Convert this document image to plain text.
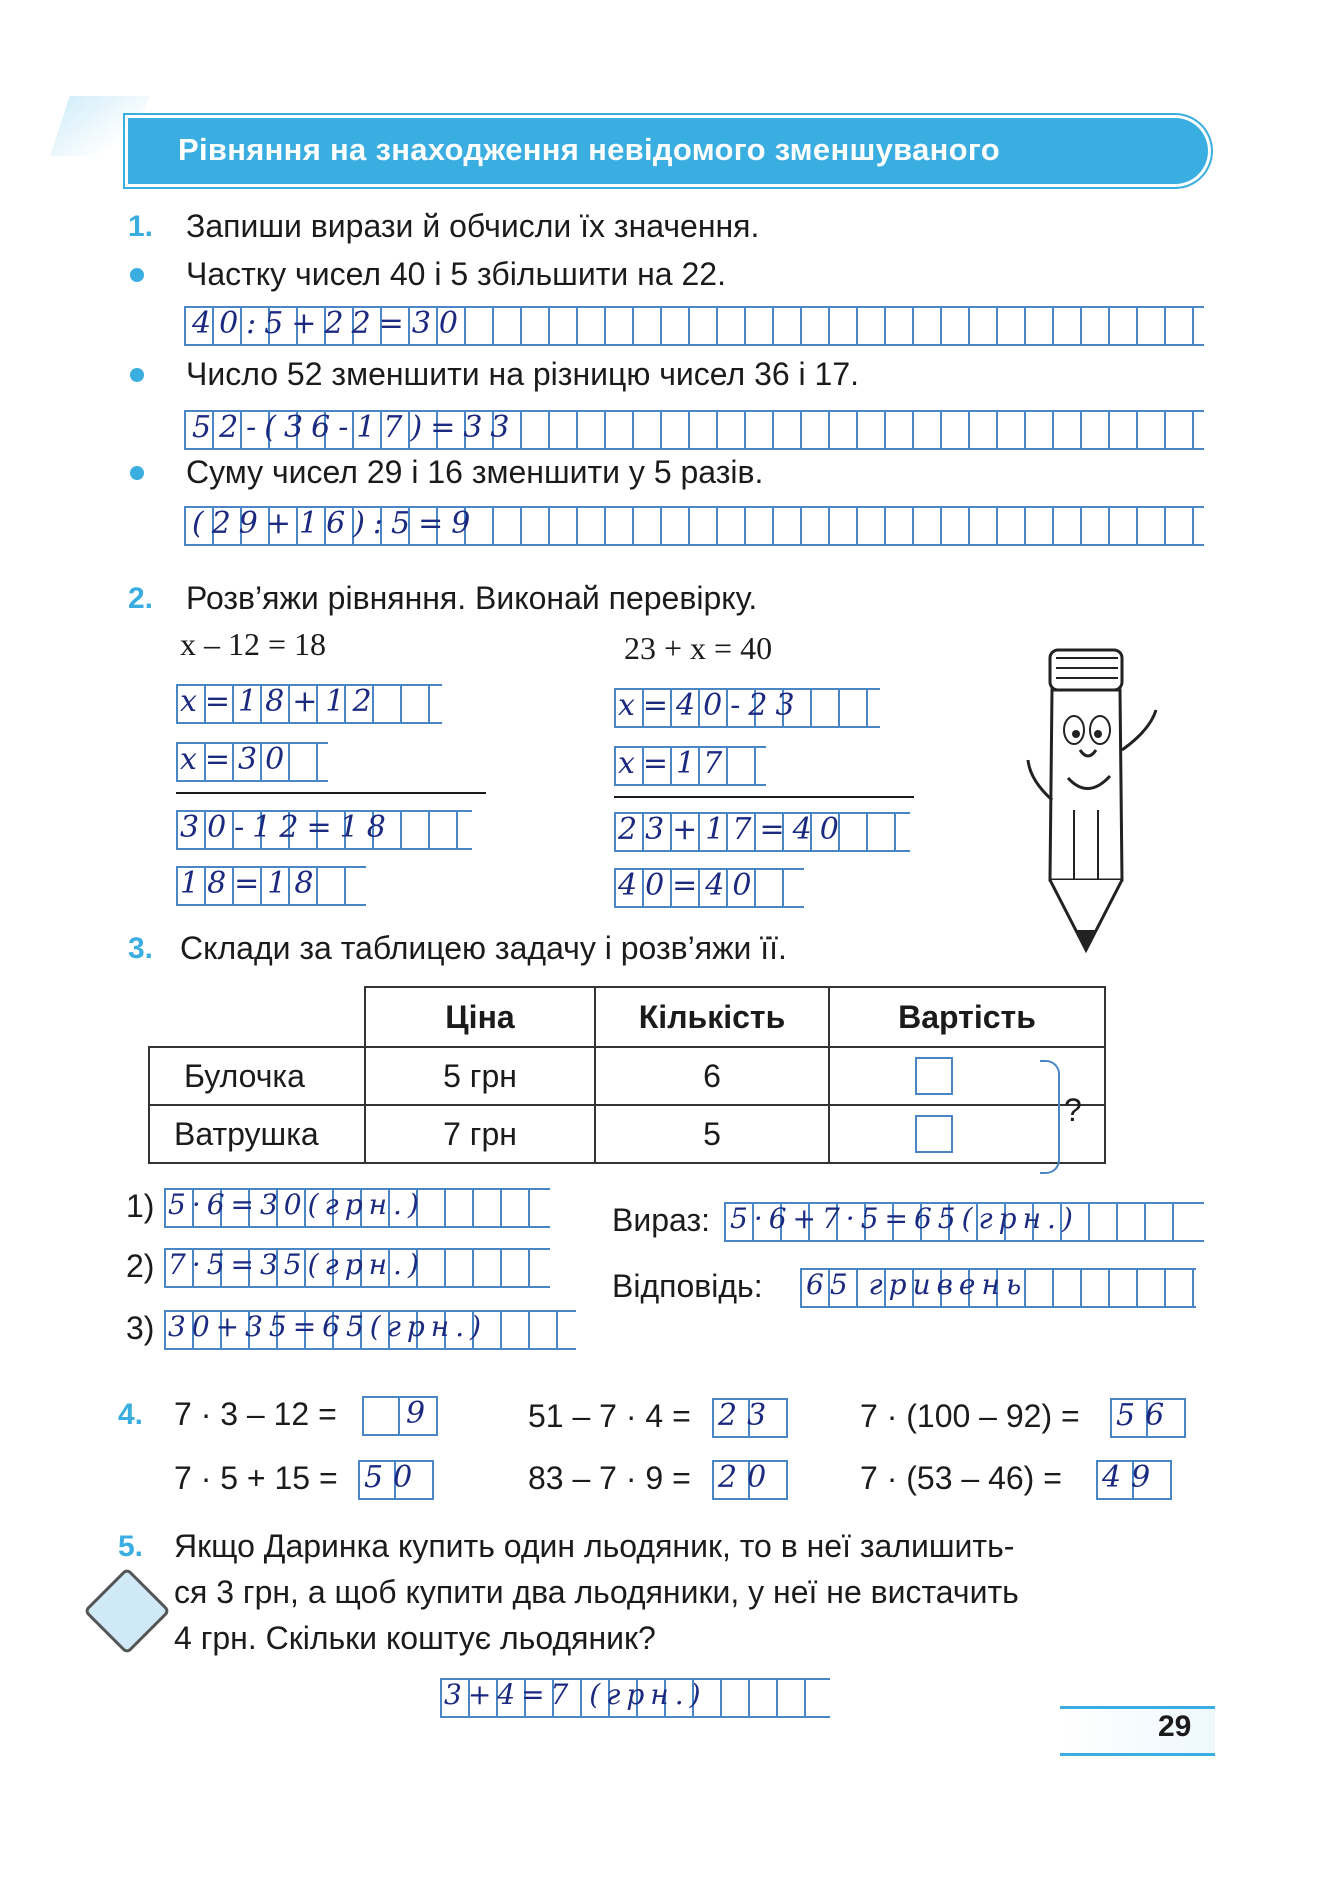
Рівняння на знаходження невідомого зменшуваного
1. Запиши вирази й обчисли їх значення.
Частку чисел 40 і 5 збільшити на 22.
40:5+22=30
Число 52 зменшити на різницю чисел 36 і 17.
52-(36-17)=33
Суму чисел 29 і 16 зменшити у 5 разів.
(29+16):5=9
2. Розв’яжи рівняння. Виконай перевірку.
x – 12 = 18
x=18+12
x=30
30-12=18
18=18
23 + x = 40
x=40-23
x=17
23+17=40
40=40
3. Склади за таблицею задачу і розв’яжи її.
	Ціна	Кількість	Вартість
Булочка	5 грн	6	

Ватрушка	7 грн	5	
?
1) 5·6=30(грн.)
2) 7·5=35(грн.)
3) 30+35=65(грн.)
Вираз: 5·6+7·5=65(грн.)
Відповідь: 65 гривень
4. 7 · 3 – 12 = 9	51 – 7 · 4 = 23	7 · (100 – 92) = 56
7 · 5 + 15 = 50	83 – 7 · 9 = 20	7 · (53 – 46) = 49
5. Якщо Даринка купить один льодяник, то в неї залишить-
ся 3 грн, а щоб купити два льодяники, у неї не вистачить
4 грн. Скільки коштує льодяник?
3+4=7 (грн.)
29
